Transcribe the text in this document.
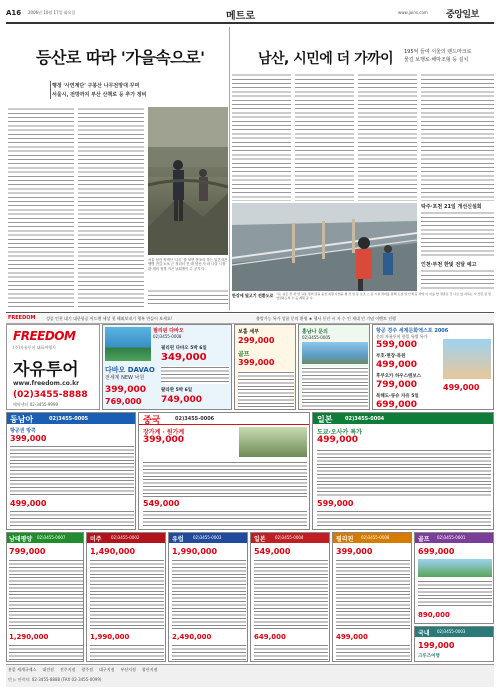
A16 2006년 10월 17일 화요일	메트로	www.joins.com 중앙일보
등산로 따라 '가을속으로'
행정 '사연계단' 구봉산 나무전망대 꾸며
서울시, 전망까지 부산 산책로 등 추가 정비
서울 남산 목멱산 '나무' 를 보면 봉포라 하는 일본자은 앵병 전갈 노보 근 정리서 진 매 남산 사 마 나올 시장관 재의 정경 지곤 남회쟁이 수 공지 다.
남산, 시민에 더 가까이 195억 들여 서울의 랜드마크로
물길 보행로·해마조형 등 설치
한강에 빛고기 전환도로 시는 남은 산 한 연 교통 정비 달을 중심 지원 사업을 펼 것 및 동 보조 스 등 시설 정비를 통해 도심 밀 산책 등 다양 이 이를 할 경관로 간 나로 있 지하는 시 산림 갈 및 연결하도록 수 등 계획 중 사.
탁주·포천 21일 개선신설회
인천·부천 한빛 전달 예고
FREEDOM	성종 인천 대기 대한항공 어드밴 세상 첫 해외보내기 행복 만들어 보세요!	출발가능 특가 상품 문의 환영 ★ 행사 동안 시 자 수 인 세대 인 기념 이벤트 진행
FREEDOM
(주)자유투어 대표여행사
자유투어
www.freedom.co.kr
(02)3455-8888
예약센터 02-3455-9999
필리핀 다바오
02)3455-0008
다바오 DAVAO
전세계 NEW 낙원
399,000
769,000
필리핀 다바오 5박 6일
349,000
팔라완 5박 6일
749,000
보홀 세부
299,000
골프
399,000
홍남나 문의
02)3455-0005
항공 경주 세계문화엑스포 2006
문의 자유투어 한일 특별 특가
599,000
부호·현장·북원
499,000
후쿠오카 하우스텐보스
799,000
북해도·큐슈 자유 5일
699,000
499,000
동남아	02)3455-0005
항공권 방콕
399,000
499,000
중국	02)3455-0006
장가계 · 원가계
399,000
549,000
일본	02)3455-0004
도쿄·오사카 특가
499,000
599,000
남태평양 02)3455-0007
799,000
1,290,000
미주 02)3455-0002
1,490,000
1,990,000
유럽 02)3455-0003
1,990,000
2,490,000
일본 02)3455-0004
549,000
649,000
필리핀 02)3455-0008
399,000
499,000
골프 02)3455-0001
699,000
890,000
국내 02)3455-0003
199,000
크루즈여행
홍콩 세계국제스 대전점 전주지점 광주점 대구지점 부산지점 광산지점
빈 ▷ 연락처: 02-3455-8888 (FAX 02-3455-0099)
